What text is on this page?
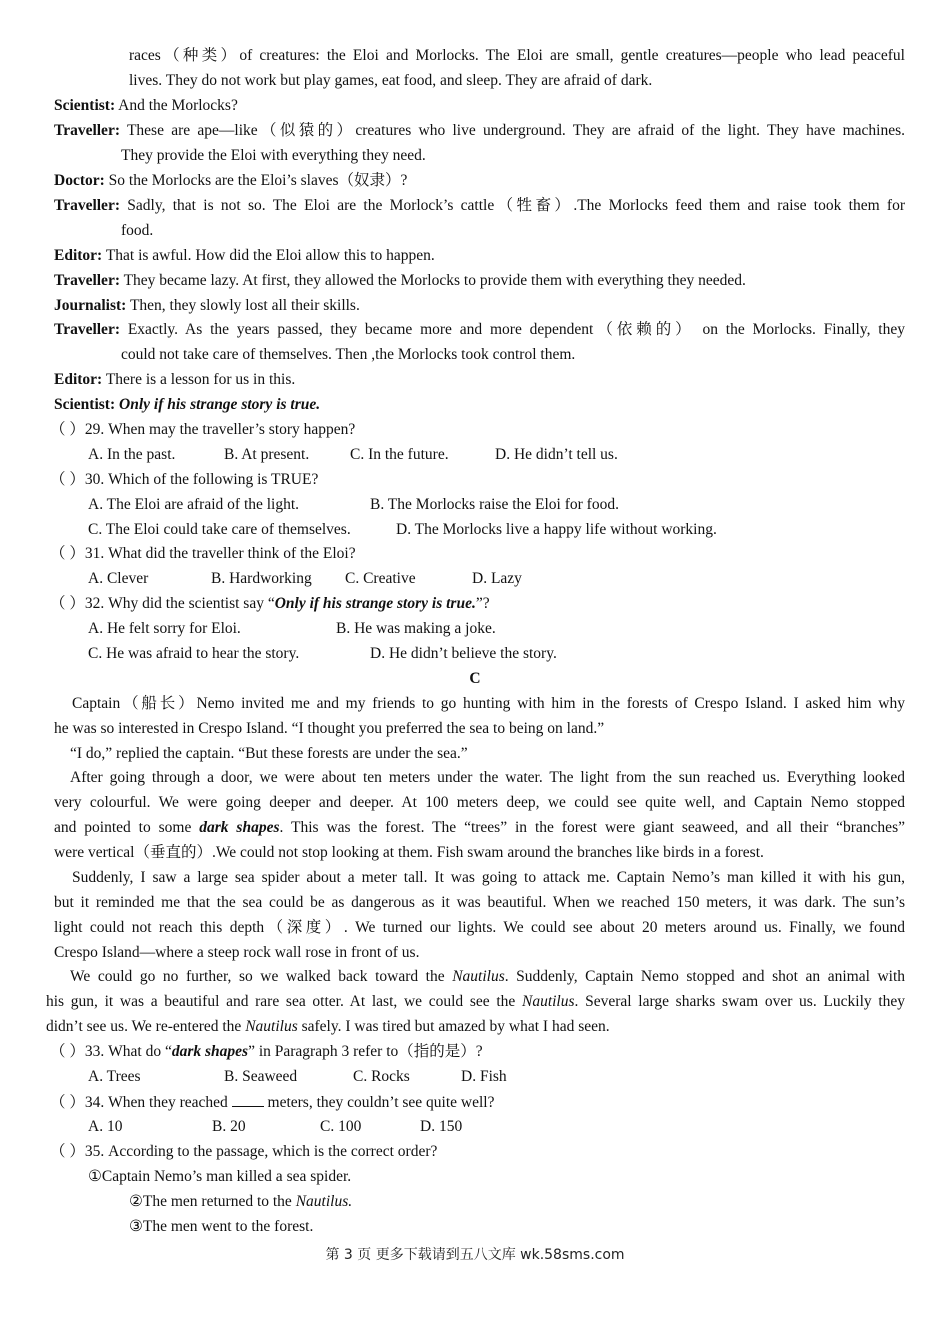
races（种类）of creatures: the Eloi and Morlocks. The Eloi are small, gentle creatures—people who lead peaceful
lives. They do not work but play games, eat food, and sleep. They are afraid of dark.
Scientist: And the Morlocks?
Traveller: These are ape—like（似猿的）creatures who live underground. They are afraid of the light. They have machines.
They provide the Eloi with everything they need.
Doctor: So the Morlocks are the Eloi’s slaves（奴隶）?
Traveller: Sadly, that is not so. The Eloi are the Morlock’s cattle（牲畜）.The Morlocks feed them and raise took them for
food.
Editor: That is awful. How did the Eloi allow this to happen.
Traveller: They became lazy. At first, they allowed the Morlocks to provide them with everything they needed.
Journalist: Then, they slowly lost all their skills.
Traveller: Exactly. As the years passed, they became more and more dependent（依赖的） on the Morlocks. Finally, they
could not take care of themselves. Then ,the Morlocks took control them.
Editor: There is a lesson for us in this.
Scientist: Only if his strange story is true.
（ ）29. When may the traveller’s story happen?
A. In the past.	B. At present.	C. In the future.	D. He didn’t tell us.
（ ）30. Which of the following is TRUE?
A. The Eloi are afraid of the light.	B. The Morlocks raise the Eloi for food.
C. The Eloi could take care of themselves.	D. The Morlocks live a happy life without working.
（ ）31. What did the traveller think of the Eloi?
A. Clever	B. Hardworking C. Creative	D. Lazy
（ ）32. Why did the scientist say “Only if his strange story is true.”?
A. He felt sorry for Eloi.	B. He was making a joke.
C. He was afraid to hear the story.	D. He didn’t believe the story.
C
Captain（船长）Nemo invited me and my friends to go hunting with him in the forests of Crespo Island. I asked him why
he was so interested in Crespo Island. “I thought you preferred the sea to being on land.”
“I do,” replied the captain. “But these forests are under the sea.”
After going through a door, we were about ten meters under the water. The light from the sun reached us. Everything looked
very colourful. We were going deeper and deeper. At 100 meters deep, we could see quite well, and Captain Nemo stopped
and pointed to some dark shapes. This was the forest. The “trees” in the forest were giant seaweed, and all their “branches”
were vertical（垂直的）.We could not stop looking at them. Fish swam around the branches like birds in a forest.
Suddenly, I saw a large sea spider about a meter tall. It was going to attack me. Captain Nemo’s man killed it with his gun,
but it reminded me that the sea could be as dangerous as it was beautiful. When we reached 150 meters, it was dark. The sun’s
light could not reach this depth（深度）. We turned our lights. We could see about 20 meters around us. Finally, we found
Crespo Island—where a steep rock wall rose in front of us.
We could go no further, so we walked back toward the Nautilus. Suddenly, Captain Nemo stopped and shot an animal with
his gun, it was a beautiful and rare sea otter. At last, we could see the Nautilus. Several large sharks swam over us. Luckily they
didn’t see us. We re-entered the Nautilus safely. I was tired but amazed by what I had seen.
（ ）33. What do “dark shapes” in Paragraph 3 refer to（指的是）?
A. Trees	B. Seaweed	C. Rocks	D. Fish
（ ）34. When they reached  meters, they couldn’t see quite well?
A. 10	B. 20	C. 100	D. 150
（ ）35. According to the passage, which is the correct order?
①Captain Nemo’s man killed a sea spider.
②The men returned to the Nautilus.
③The men went to the forest.
第 3 页 更多下载请到五八文库 wk.58sms.com
